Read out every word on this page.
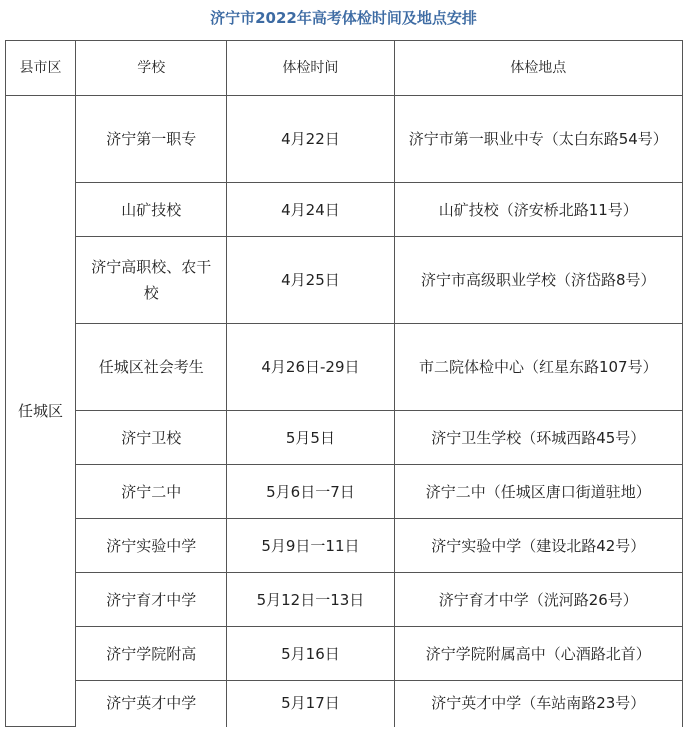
济宁市2022年高考体检时间及地点安排
县市区	学校	体检时间	体检地点
任城区	济宁第一职专	4月22日	济宁市第一职业中专（太白东路54号）
	山矿技校	4月24日	山矿技校（济安桥北路11号）
	济宁高职校、农干校	4月25日	济宁市高级职业学校（济岱路8号）
	任城区社会考生	4月26日-29日	市二院体检中心（红星东路107号）
	济宁卫校	5月5日	济宁卫生学校（环城西路45号）
	济宁二中	5月6日一7日	济宁二中（任城区唐口街道驻地）
	济宁实验中学	5月9日一11日	济宁实验中学（建设北路42号）
	济宁育才中学	5月12日一13日	济宁育才中学（洸河路26号）
	济宁学院附高	5月16日	济宁学院附属高中（心酒路北首）
	济宁英才中学	5月17日	济宁英才中学（车站南路23号）
